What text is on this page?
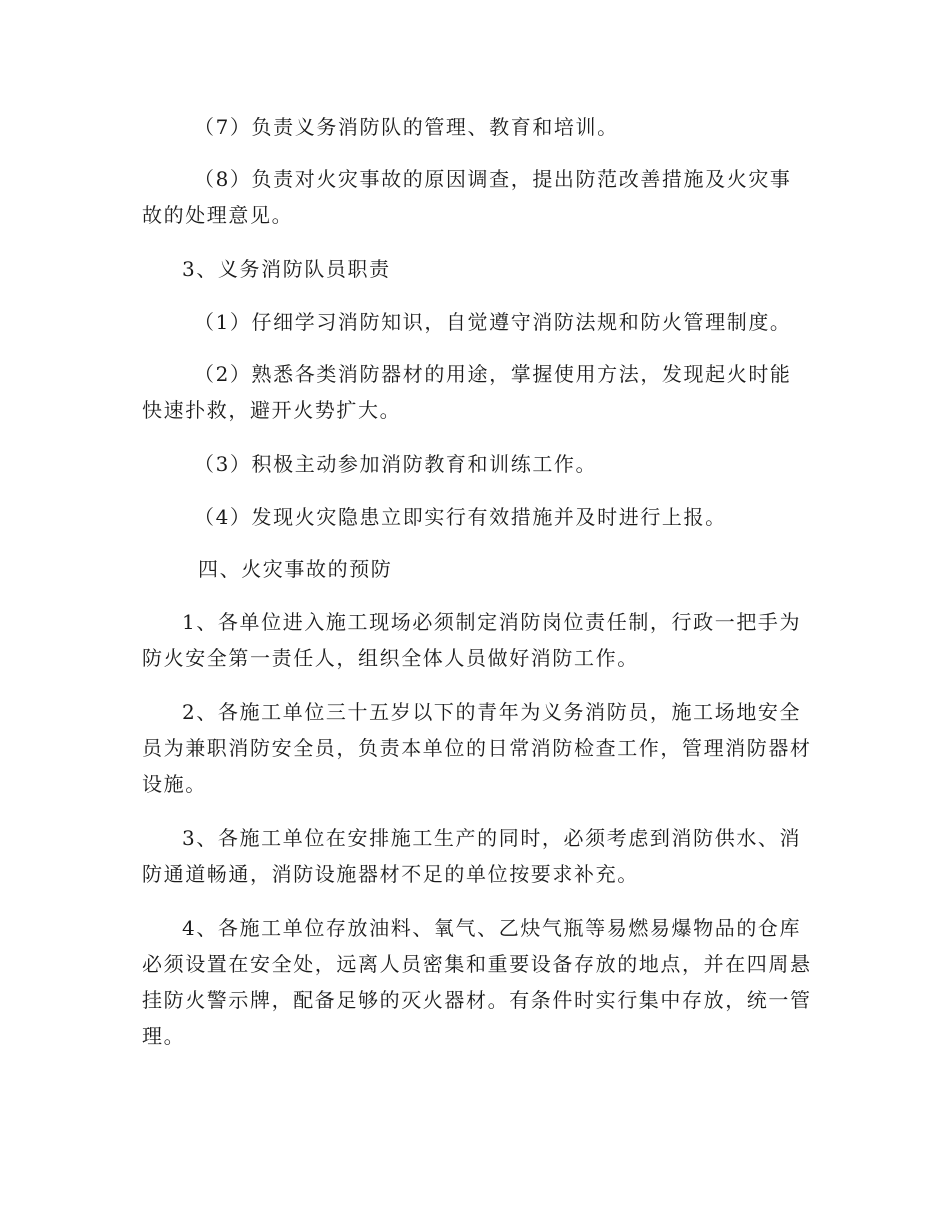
（7）负责义务消防队的管理、教育和培训。

（8）负责对火灾事故的原因调查，提出防范改善措施及火灾事故的处理意见。

3、义务消防队员职责

（1）仔细学习消防知识，自觉遵守消防法规和防火管理制度。

（2）熟悉各类消防器材的用途，掌握使用方法，发现起火时能快速扑救，避开火势扩大。

（3）积极主动参加消防教育和训练工作。

（4）发现火灾隐患立即实行有效措施并及时进行上报。

四、火灾事故的预防

1、各单位进入施工现场必须制定消防岗位责任制，行政一把手为防火安全第一责任人，组织全体人员做好消防工作。

2、各施工单位三十五岁以下的青年为义务消防员，施工场地安全员为兼职消防安全员，负责本单位的日常消防检查工作，管理消防器材设施。

3、各施工单位在安排施工生产的同时，必须考虑到消防供水、消防通道畅通，消防设施器材不足的单位按要求补充。

4、各施工单位存放油料、氧气、乙炔气瓶等易燃易爆物品的仓库必须设置在安全处，远离人员密集和重要设备存放的地点，并在四周悬挂防火警示牌，配备足够的灭火器材。有条件时实行集中存放，统一管理。
